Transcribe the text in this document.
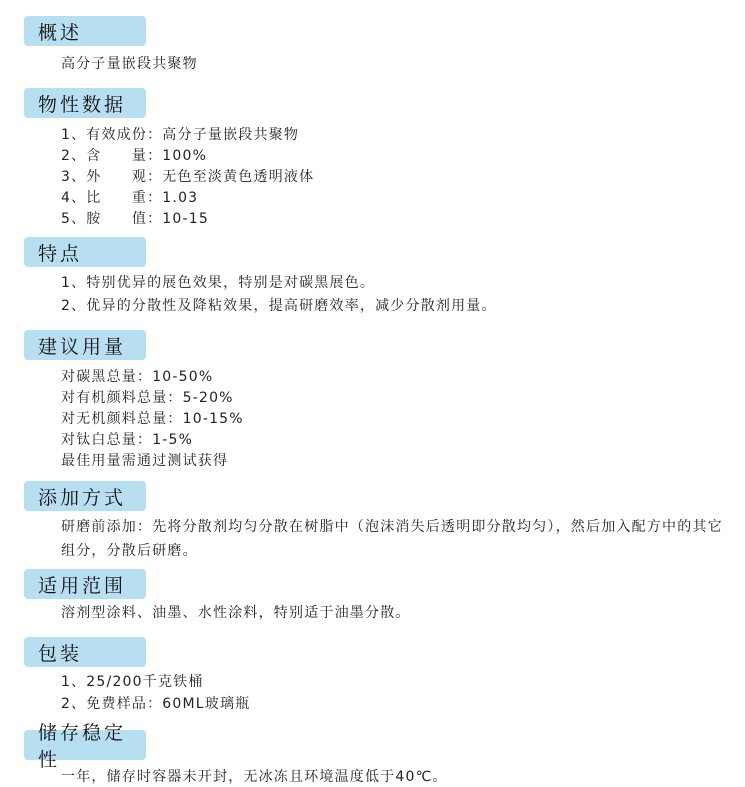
概述
高分子量嵌段共聚物
物性数据
1、有效成份：高分子量嵌段共聚物
2、含　　量：100%
3、外　　观：无色至淡黄色透明液体
4、比　　重：1.03
5、胺　　值：10-15
特点
1、特别优异的展色效果，特别是对碳黑展色。
2、优异的分散性及降粘效果，提高研磨效率，减少分散剂用量。
建议用量
对碳黑总量：10-50%
对有机颜料总量：5-20%
对无机颜料总量：10-15%
对钛白总量：1-5%
最佳用量需通过测试获得
添加方式
研磨前添加：先将分散剂均匀分散在树脂中（泡沫消失后透明即分散均匀），然后加入配方中的其它组分，分散后研磨。
适用范围
溶剂型涂料、油墨、水性涂料，特别适于油墨分散。
包装
1、25/200千克铁桶
2、免费样品：60ML玻璃瓶
储存稳定性
一年，储存时容器未开封，无冰冻且环境温度低于40℃。
